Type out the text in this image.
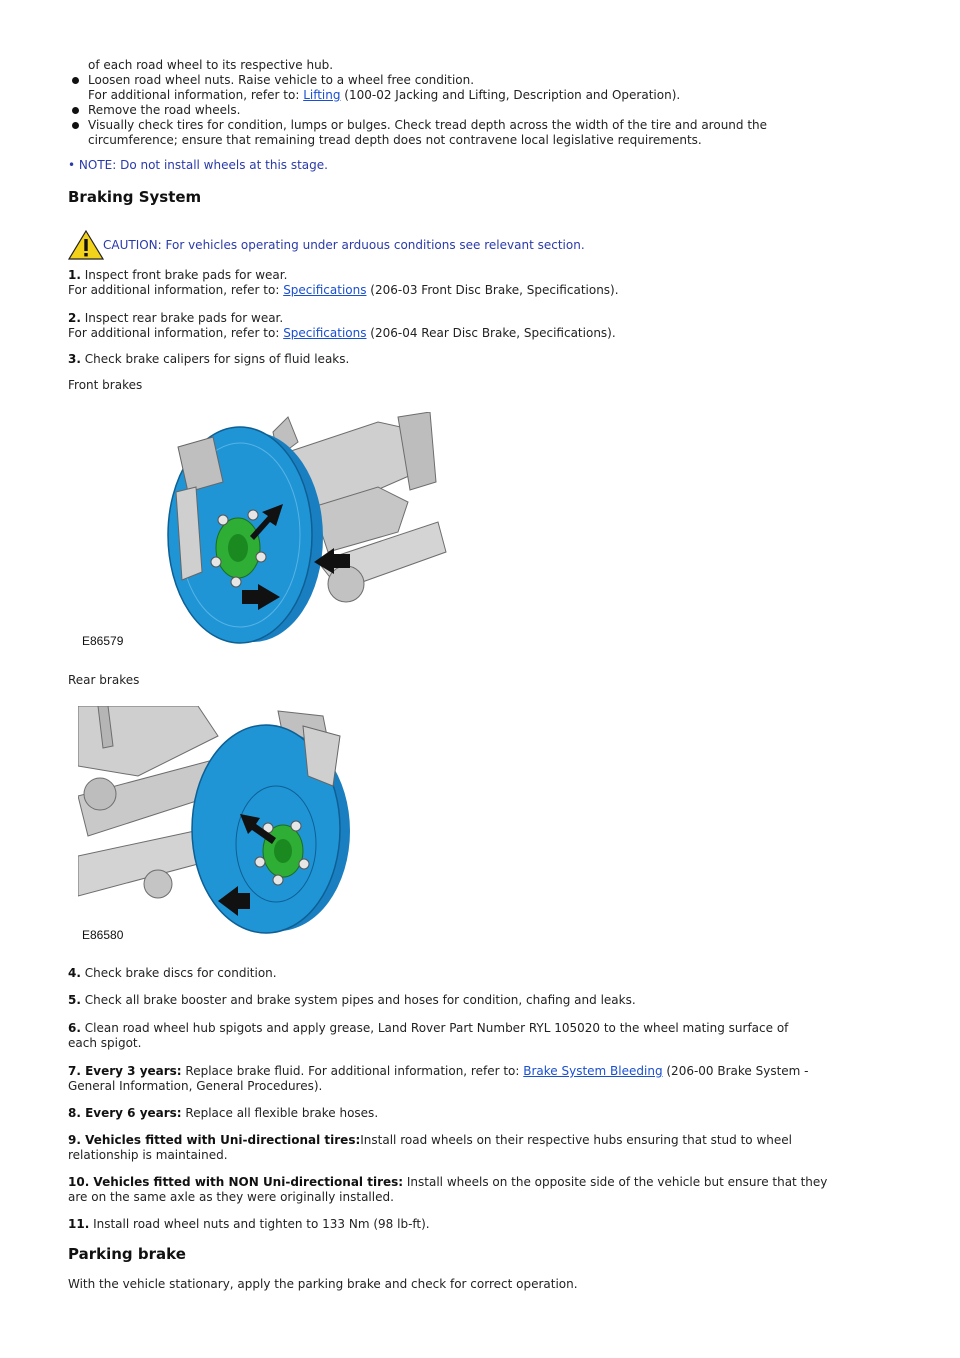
of each road wheel to its respective hub.
Loosen road wheel nuts. Raise vehicle to a wheel free condition.
For additional information, refer to: Lifting (100-02 Jacking and Lifting, Description and Operation).
Remove the road wheels.
Visually check tires for condition, lumps or bulges. Check tread depth across the width of the tire and around the
circumference; ensure that remaining tread depth does not contravene local legislative requirements.
• NOTE: Do not install wheels at this stage.
Braking System
CAUTION: For vehicles operating under arduous conditions see relevant section.
1. Inspect front brake pads for wear.
For additional information, refer to: Specifications (206-03 Front Disc Brake, Specifications).
2. Inspect rear brake pads for wear.
For additional information, refer to: Specifications (206-04 Rear Disc Brake, Specifications).
3. Check brake calipers for signs of fluid leaks.
Front brakes
E86579
Rear brakes
E86580
4. Check brake discs for condition.
5. Check all brake booster and brake system pipes and hoses for condition, chafing and leaks.
6. Clean road wheel hub spigots and apply grease, Land Rover Part Number RYL 105020 to the wheel mating surface of
each spigot.
7. Every 3 years: Replace brake fluid. For additional information, refer to: Brake System Bleeding (206-00 Brake System -
General Information, General Procedures).
8. Every 6 years: Replace all flexible brake hoses.
9. Vehicles fitted with Uni-directional tires:Install road wheels on their respective hubs ensuring that stud to wheel
relationship is maintained.
10. Vehicles fitted with NON Uni-directional tires: Install wheels on the opposite side of the vehicle but ensure that they
are on the same axle as they were originally installed.
11. Install road wheel nuts and tighten to 133 Nm (98 lb-ft).
Parking brake
With the vehicle stationary, apply the parking brake and check for correct operation.
